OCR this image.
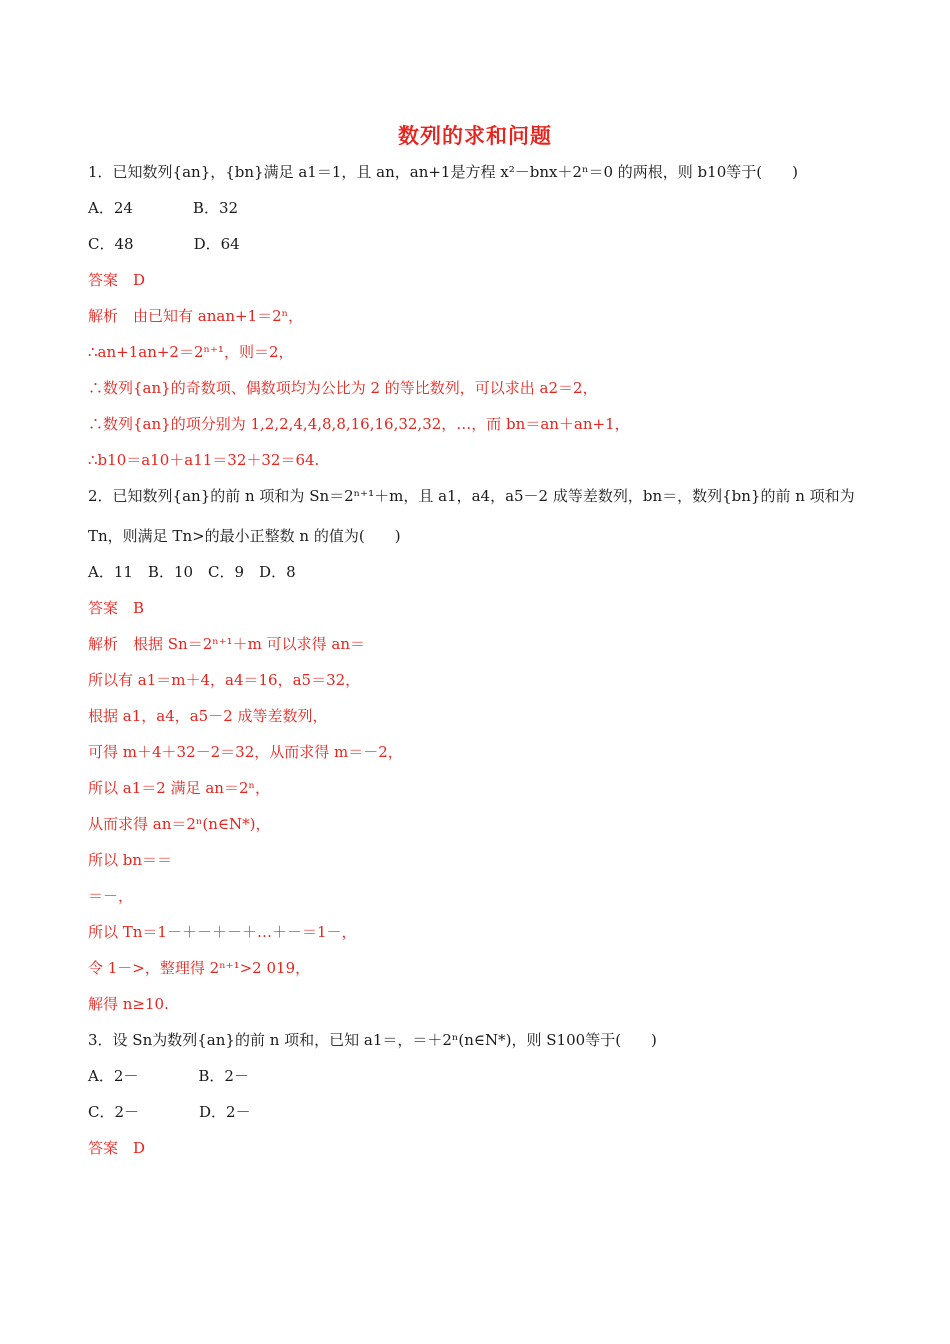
数列的求和问题
1．已知数列{an}，{bn}满足 a1＝1，且 an，an+1是方程 x²－bnx＋2ⁿ＝0 的两根，则 b10等于(　　)
A．24　　　　B．32
C．48　　　　D．64
答案　D
解析　由已知有 anan+1＝2ⁿ，
∴an+1an+2＝2ⁿ⁺¹，则＝2，
∴数列{an}的奇数项、偶数项均为公比为 2 的等比数列，可以求出 a2＝2，
∴数列{an}的项分别为 1,2,2,4,4,8,8,16,16,32,32，…，而 bn＝an＋an+1，
∴b10＝a10＋a11＝32＋32＝64.
2．已知数列{an}的前 n 项和为 Sn＝2ⁿ⁺¹＋m，且 a1，a4，a5－2 成等差数列，bn＝，数列{bn}的前 n 项和为
Tn，则满足 Tn>的最小正整数 n 的值为(　　)
A．11　B．10　C．9　D．8
答案　B
解析　根据 Sn＝2ⁿ⁺¹＋m 可以求得 an＝
所以有 a1＝m＋4，a4＝16，a5＝32，
根据 a1，a4，a5－2 成等差数列，
可得 m＋4＋32－2＝32，从而求得 m＝－2，
所以 a1＝2 满足 an＝2ⁿ，
从而求得 an＝2ⁿ(n∈N*)，
所以 bn＝＝
＝－，
所以 Tn＝1－＋－＋－＋…＋－＝1－，
令 1－>，整理得 2ⁿ⁺¹>2 019，
解得 n≥10.
3．设 Sn为数列{an}的前 n 项和，已知 a1＝，＝＋2ⁿ(n∈N*)，则 S100等于(　　)
A．2－　　　　B．2－
C．2－　　　　D．2－
答案　D
